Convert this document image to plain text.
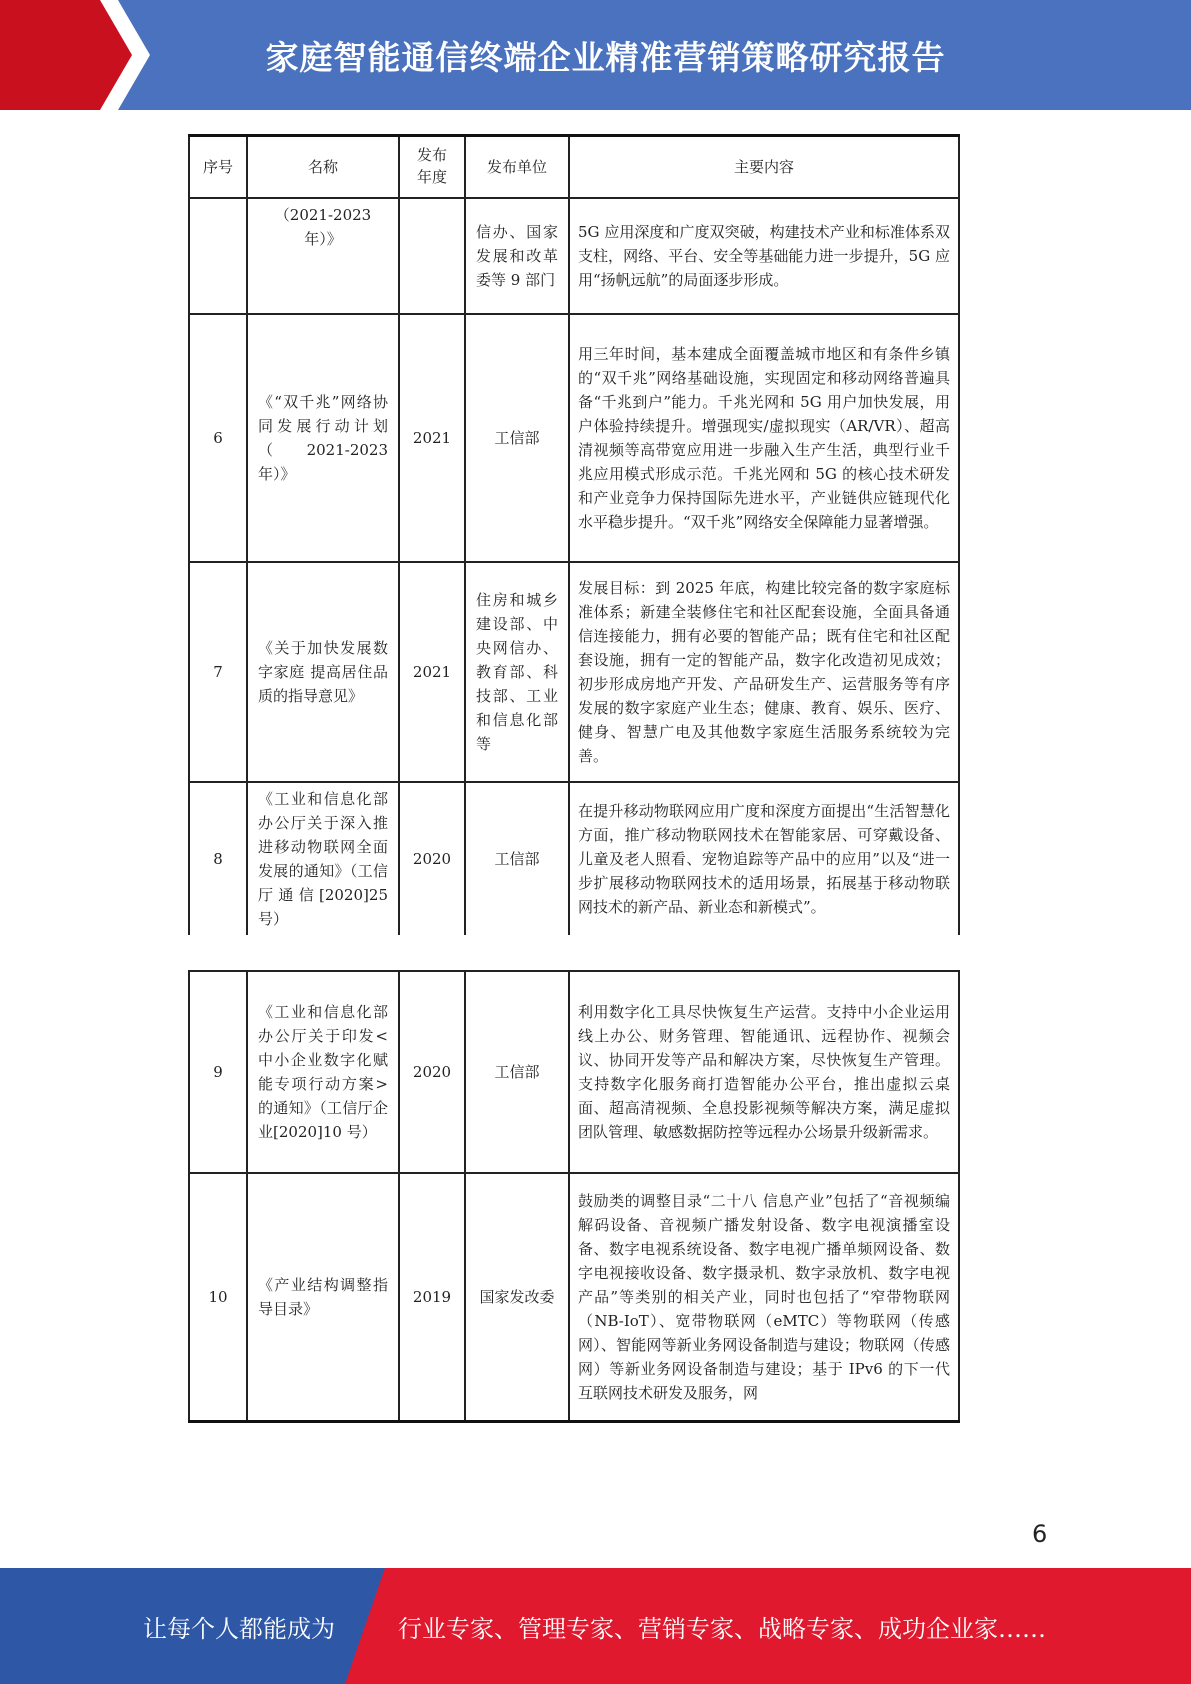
家庭智能通信终端企业精准营销策略研究报告
序号	名称	发布年度	发布单位	主要内容
	（2021-2023 年）》		信办、国家发展和改革委等 9 部门	5G 应用深度和广度双突破，构建技术产业和标准体系双支柱，网络、平台、安全等基础能力进一步提升，5G 应用“扬帆远航”的局面逐步形成。
6	《“双千兆”网络协同发展行动计划（2021-2023 年）》	2021	工信部	用三年时间，基本建成全面覆盖城市地区和有条件乡镇的“双千兆”网络基础设施，实现固定和移动网络普遍具备“千兆到户”能力。千兆光网和 5G 用户加快发展，用户体验持续提升。增强现实/虚拟现实（AR/VR）、超高清视频等高带宽应用进一步融入生产生活，典型行业千兆应用模式形成示范。千兆光网和 5G 的核心技术研发和产业竞争力保持国际先进水平，产业链供应链现代化水平稳步提升。“双千兆”网络安全保障能力显著增强。
7	《关于加快发展数字家庭 提高居住品质的指导意见》	2021	住房和城乡建设部、中央网信办、教育部、科技部、工业和信息化部等	发展目标：到 2025 年底，构建比较完备的数字家庭标准体系；新建全装修住宅和社区配套设施，全面具备通信连接能力，拥有必要的智能产品；既有住宅和社区配套设施，拥有一定的智能产品，数字化改造初见成效；初步形成房地产开发、产品研发生产、运营服务等有序发展的数字家庭产业生态；健康、教育、娱乐、医疗、健身、智慧广电及其他数字家庭生活服务系统较为完善。
8	《工业和信息化部办公厅关于深入推进移动物联网全面发展的通知》（工信厅通信[2020]25 号）	2020	工信部	在提升移动物联网应用广度和深度方面提出“生活智慧化方面，推广移动物联网技术在智能家居、可穿戴设备、儿童及老人照看、宠物追踪等产品中的应用”以及“进一步扩展移动物联网技术的适用场景，拓展基于移动物联网技术的新产品、新业态和新模式”。
9	《工业和信息化部办公厅关于印发<中小企业数字化赋能专项行动方案>的通知》（工信厅企业[2020]10 号）	2020	工信部	利用数字化工具尽快恢复生产运营。支持中小企业运用线上办公、财务管理、智能通讯、远程协作、视频会议、协同开发等产品和解决方案，尽快恢复生产管理。支持数字化服务商打造智能办公平台，推出虚拟云桌面、超高清视频、全息投影视频等解决方案，满足虚拟团队管理、敏感数据防控等远程办公场景升级新需求。
10	《产业结构调整指导目录》	2019	国家发改委	鼓励类的调整目录“二十八 信息产业”包括了“音视频编解码设备、音视频广播发射设备、数字电视演播室设备、数字电视系统设备、数字电视广播单频网设备、数字电视接收设备、数字摄录机、数字录放机、数字电视产品”等类别的相关产业，同时也包括了“窄带物联网（NB-IoT）、宽带物联网（eMTC）等物联网（传感网）、智能网等新业务网设备制造与建设；物联网（传感网）等新业务网设备制造与建设；基于 IPv6 的下一代互联网技术研发及服务，网
6
让每个人都能成为	行业专家、管理专家、营销专家、战略专家、成功企业家……
